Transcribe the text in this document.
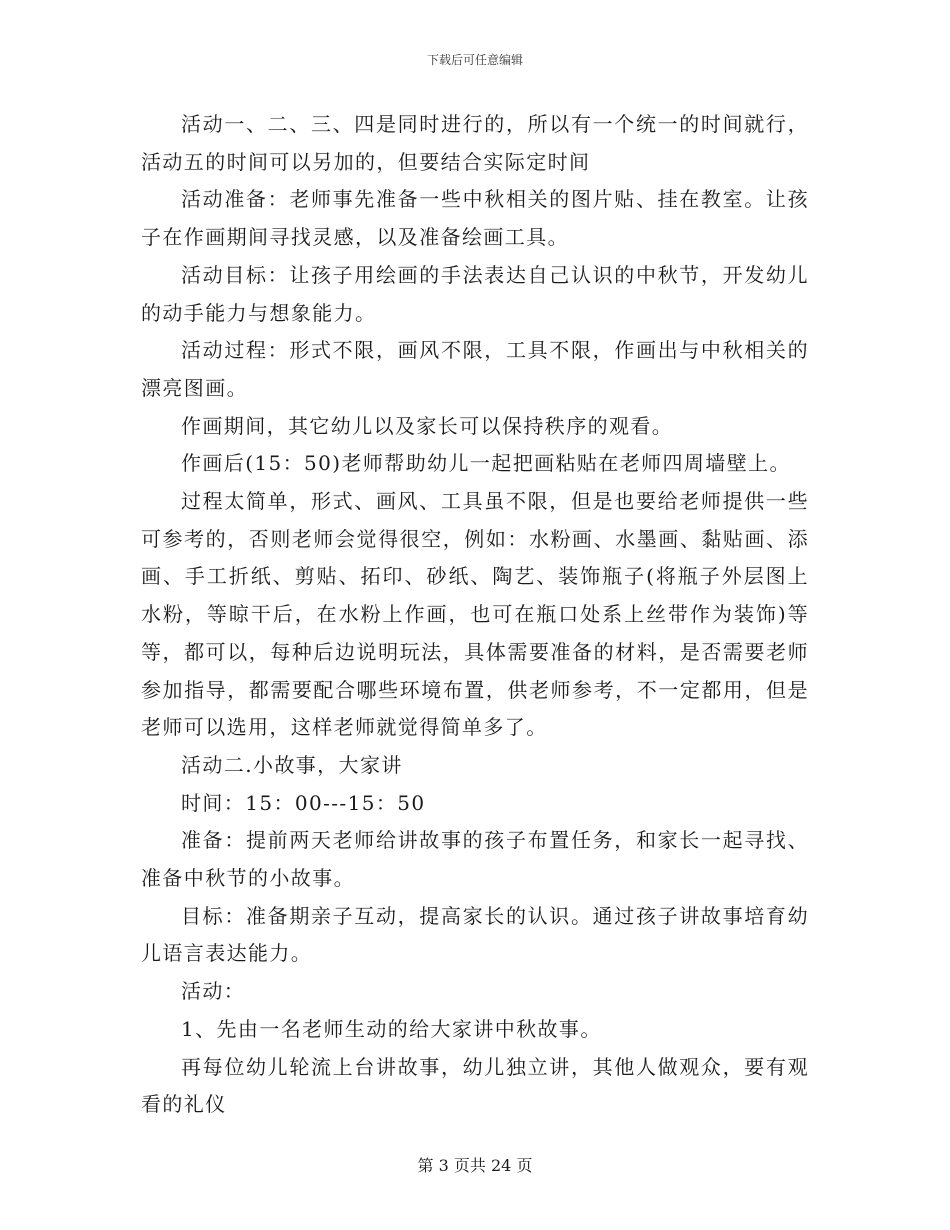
下载后可任意编辑

活动一、二、三、四是同时进行的，所以有一个统一的时间就行，活动五的时间可以另加的，但要结合实际定时间

活动准备：老师事先准备一些中秋相关的图片贴、挂在教室。让孩子在作画期间寻找灵感，以及准备绘画工具。

活动目标：让孩子用绘画的手法表达自己认识的中秋节，开发幼儿的动手能力与想象能力。

活动过程：形式不限，画风不限，工具不限，作画出与中秋相关的漂亮图画。

作画期间，其它幼儿以及家长可以保持秩序的观看。

作画后(15：50)老师帮助幼儿一起把画粘贴在老师四周墙壁上。

过程太简单，形式、画风、工具虽不限，但是也要给老师提供一些可参考的，否则老师会觉得很空，例如：水粉画、水墨画、黏贴画、添画、手工折纸、剪贴、拓印、砂纸、陶艺、装饰瓶子(将瓶子外层图上水粉，等晾干后，在水粉上作画，也可在瓶口处系上丝带作为装饰)等等，都可以，每种后边说明玩法，具体需要准备的材料，是否需要老师参加指导，都需要配合哪些环境布置，供老师参考，不一定都用，但是老师可以选用，这样老师就觉得简单多了。

活动二.小故事，大家讲

时间：15：00---15：50

准备：提前两天老师给讲故事的孩子布置任务，和家长一起寻找、准备中秋节的小故事。

目标：准备期亲子互动，提高家长的认识。通过孩子讲故事培育幼儿语言表达能力。

活动：

1、先由一名老师生动的给大家讲中秋故事。

再每位幼儿轮流上台讲故事，幼儿独立讲，其他人做观众，要有观看的礼仪

第 3 页共 24 页
